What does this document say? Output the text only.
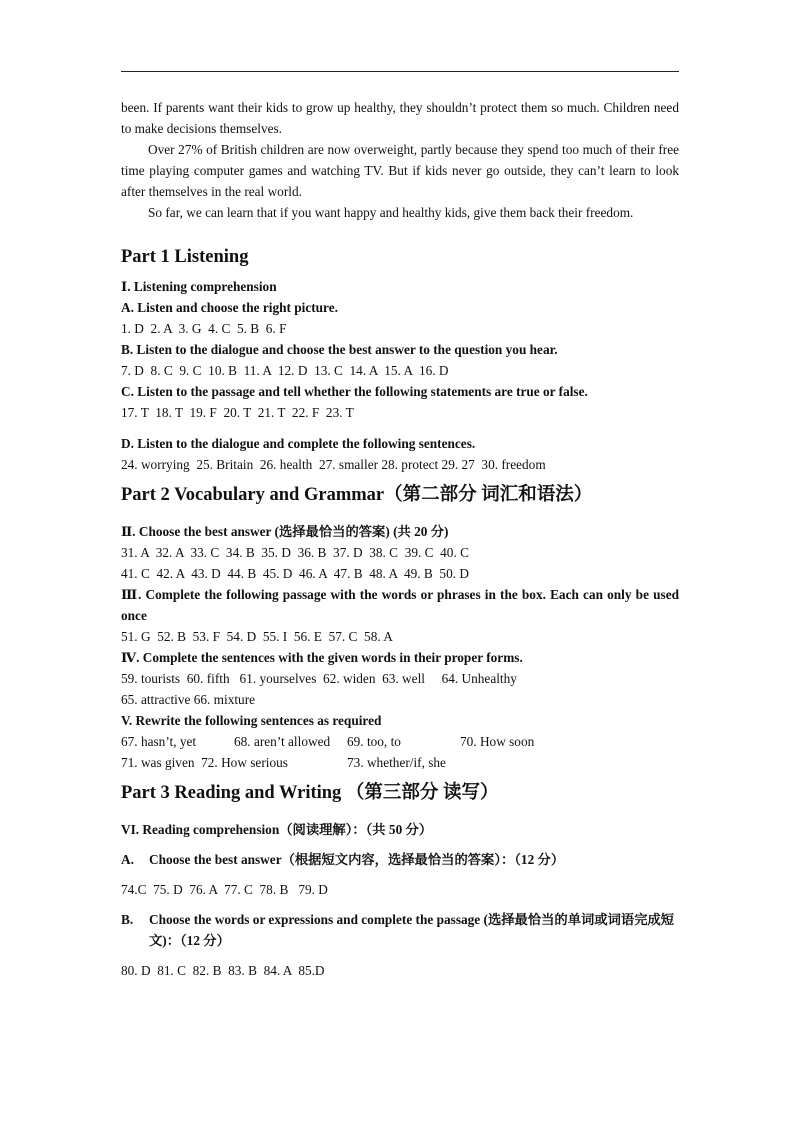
been. If parents want their kids to grow up healthy, they shouldn’t protect them so much. Children need to make decisions themselves.

Over 27% of British children are now overweight, partly because they spend too much of their free time playing computer games and watching TV. But if kids never go outside, they can’t learn to look after themselves in the real world.

So far, we can learn that if you want happy and healthy kids, give them back their freedom.

Part 1 Listening

Ⅰ. Listening comprehension

A. Listen and choose the right picture.

1. D  2. A  3. G  4. C  5. B  6. F

B. Listen to the dialogue and choose the best answer to the question you hear.

7. D  8. C  9. C  10. B  11. A  12. D  13. C  14. A  15. A  16. D

C. Listen to the passage and tell whether the following statements are true or false.

17. T  18. T  19. F  20. T  21. T  22. F  23. T

D. Listen to the dialogue and complete the following sentences.

24. worrying  25. Britain  26. health  27. smaller 28. protect 29. 27  30. freedom

Part 2 Vocabulary and Grammar（第二部分 词汇和语法）

Ⅱ. Choose the best answer (选择最恰当的答案) (共 20 分)

31. A  32. A  33. C  34. B  35. D  36. B  37. D  38. C  39. C  40. C

41. C  42. A  43. D  44. B  45. D  46. A  47. B  48. A  49. B  50. D

Ⅲ. Complete the following passage with the words or phrases in the box. Each can only be used once

51. G  52. B  53. F  54. D  55. I  56. E  57. C  58. A

Ⅳ. Complete the sentences with the given words in their proper forms.

59. tourists  60. fifth   61. yourselves  62. widen  63. well     64. Unhealthy

65. attractive 66. mixture

V. Rewrite the following sentences as required

67. hasn’t, yet	68. aren’t allowed	69. too, to	70. How soon
71. was given  72. How serious	73. whether/if, she
Part 3 Reading and Writing （第三部分 读写）

VI. Reading comprehension（阅读理解）：（共 50 分）

A.	Choose the best answer（根据短文内容，选择最恰当的答案）：（12 分）

74.C  75. D  76. A  77. C  78. B   79. D

B.	Choose the words or expressions and complete the passage (选择最恰当的单词或词语完成短文)：（12 分）

80. D  81. C  82. B  83. B  84. A  85.D
